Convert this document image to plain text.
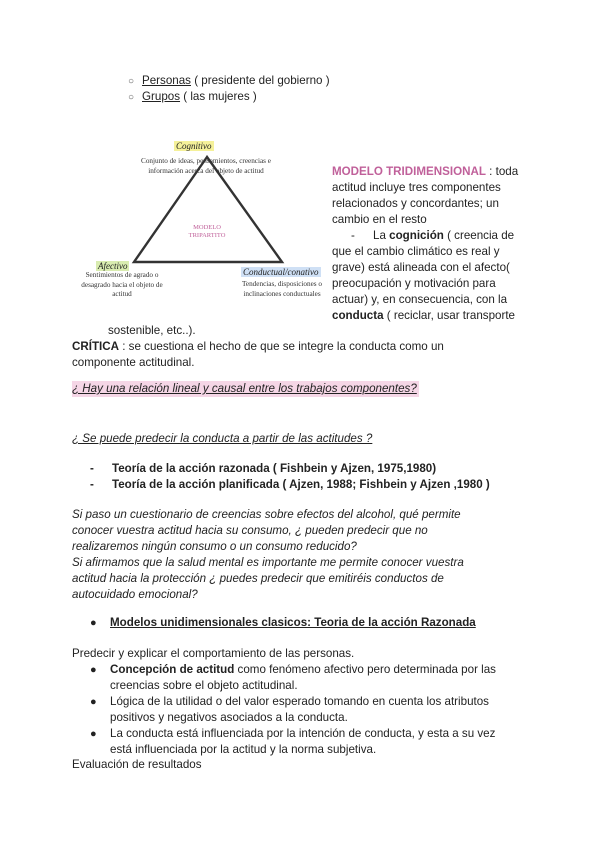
○ Personas ( presidente del gobierno )
○ Grupos ( las mujeres )
Cognitivo
Conjunto de ideas, pensamientos, creencias e
información acerca del objeto de actitud
MODELO
TRIPARTITO
Afectivo
Sentimientos de agrado o
desagrado hacia el objeto de
actitud
Conductual/conativo
Tendencias, disposiciones o
inclinaciones conductuales
MODELO TRIDIMENSIONAL : toda
actitud incluye tres componentes
relacionados y concordantes; un
cambio en el resto
- La cognición ( creencia de
que el cambio climático es real y
grave) está alineada con el afecto(
preocupación y motivación para
actuar) y, en consecuencia, con la
conducta ( reciclar, usar transporte
sostenible, etc..).
CRÍTICA : se cuestiona el hecho de que se integre la conducta como un
componente actitudinal.
¿ Hay una relación lineal y causal entre los trabajos componentes?
¿ Se puede predecir la conducta a partir de las actitudes ?
- Teoría de la acción razonada ( Fishbein y Ajzen, 1975,1980)
- Teoría de la acción planificada ( Ajzen, 1988; Fishbein y Ajzen ,1980 )
Si paso un cuestionario de creencias sobre efectos del alcohol, qué permite
conocer vuestra actitud hacia su consumo, ¿ pueden predecir que no
realizaremos ningún consumo o un consumo reducido?
Si afirmamos que la salud mental es importante me permite conocer vuestra
actitud hacia la protección ¿ puedes predecir que emitiréis conductos de
autocuidado emocional?
● Modelos unidimensionales clasicos: Teoria de la acción Razonada
Predecir y explicar el comportamiento de las personas.
● Concepción de actitud como fenómeno afectivo pero determinada por las
creencias sobre el objeto actitudinal.
● Lógica de la utilidad o del valor esperado tomando en cuenta los atributos
positivos y negativos asociados a la conducta.
● La conducta está influenciada por la intención de conducta, y esta a su vez
está influenciada por la actitud y la norma subjetiva.
Evaluación de resultados
